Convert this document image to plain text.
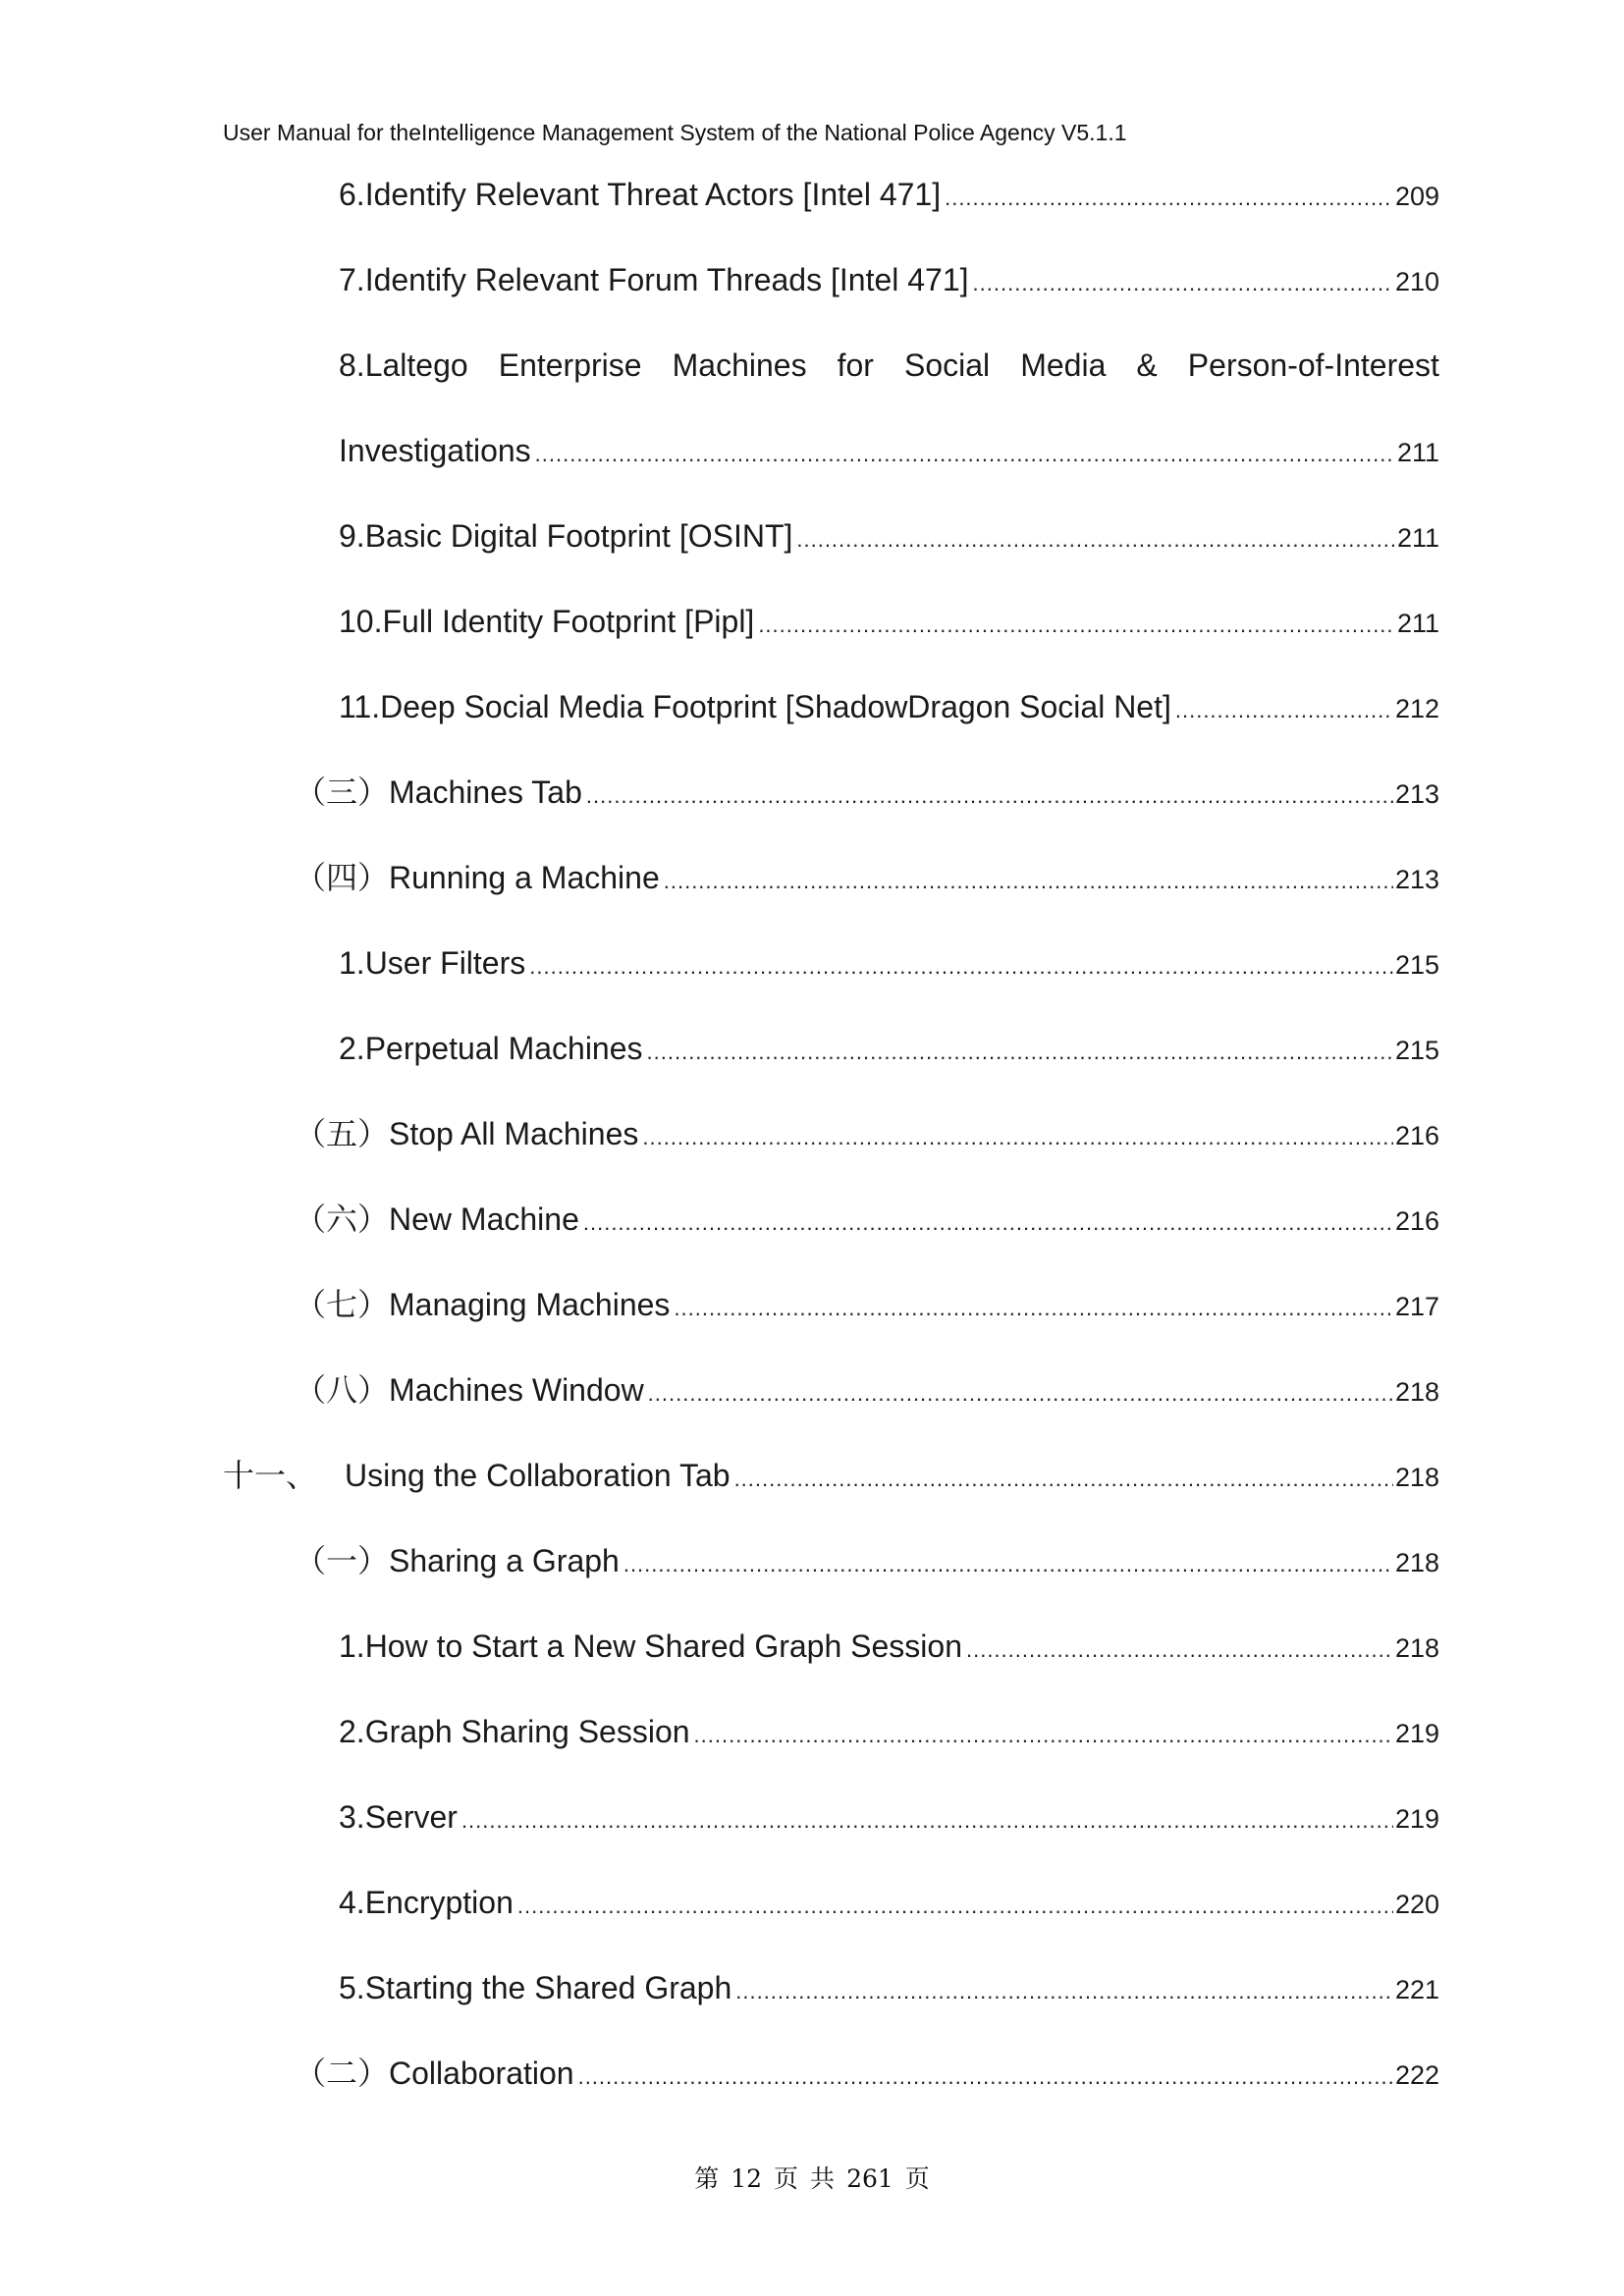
User Manual for theIntelligence Management System of the National Police Agency V5.1.1
8.Laltego Enterprise Machines for Social Media & Person-of-Interest
Investigations .....	211
6.Identify Relevant Threat Actors [Intel 471] .....	209
7.Identify Relevant Forum Threads [Intel 471] .....	210
9.Basic Digital Footprint [OSINT] .....	211
10.Full Identity Footprint [Pipl] .....	211
11.Deep Social Media Footprint [ShadowDragon Social Net] .....	212
（三） Machines Tab .....	213
（四） Running a Machine .....	213
1.User Filters .....	215
2.Perpetual Machines .....	215
（五） Stop All Machines .....	216
（六） New Machine .....	216
（七） Managing Machines .....	217
（八） Machines Window .....	218
十一、 Using the Collaboration Tab .....	218
（一） Sharing a Graph .....	218
1.How to Start a New Shared Graph Session .....	218
2.Graph Sharing Session .....	219
3.Server .....	219
4.Encryption .....	220
5.Starting the Shared Graph .....	221
（二） Collaboration .....	222
第 12 页 共 261 页
